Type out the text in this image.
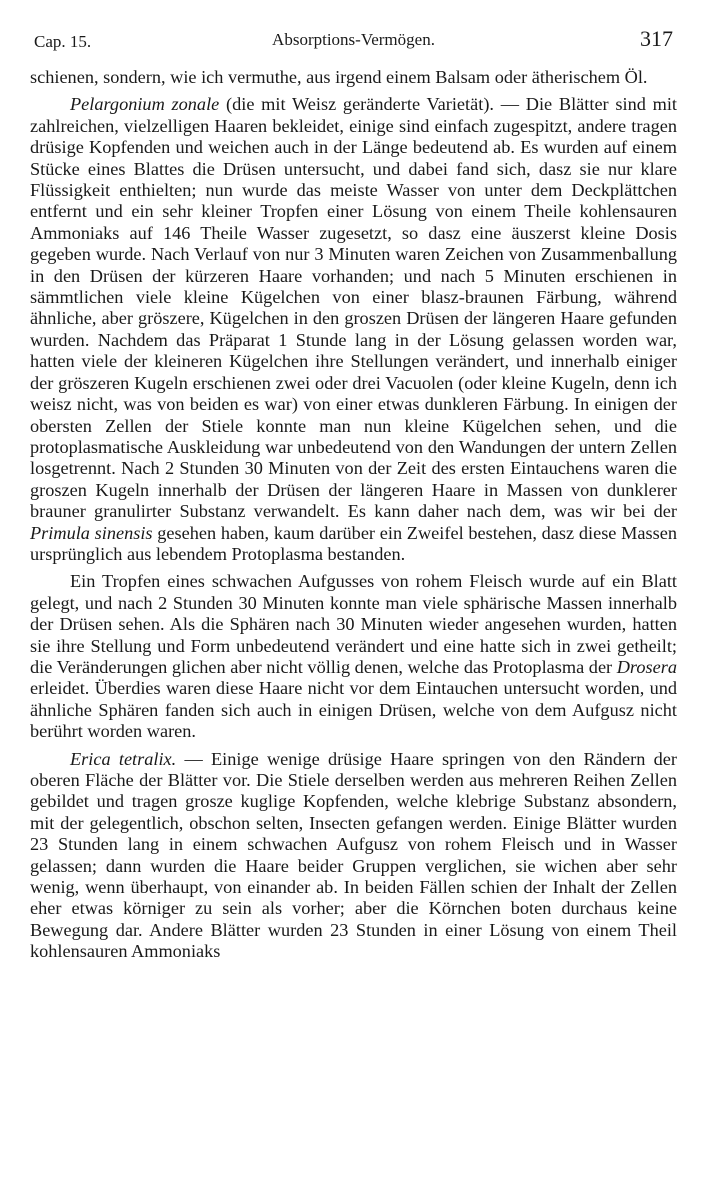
Cap. 15.	Absorptions-Vermögen.	317

schienen, sondern, wie ich vermuthe, aus irgend einem Balsam oder ätherischem Öl.

Pelargonium zonale (die mit Weisz geränderte Varietät). — Die Blätter sind mit zahlreichen, vielzelligen Haaren bekleidet, einige sind einfach zugespitzt, andere tragen drüsige Kopfenden und weichen auch in der Länge bedeutend ab. Es wurden auf einem Stücke eines Blattes die Drüsen untersucht, und dabei fand sich, dasz sie nur klare Flüssigkeit enthielten; nun wurde das meiste Wasser von unter dem Deckplättchen entfernt und ein sehr kleiner Tropfen einer Lösung von einem Theile kohlensauren Ammoniaks auf 146 Theile Wasser zugesetzt, so dasz eine äuszerst kleine Dosis gegeben wurde. Nach Verlauf von nur 3 Minuten waren Zeichen von Zusammenballung in den Drüsen der kürzeren Haare vorhanden; und nach 5 Minuten erschienen in sämmtlichen viele kleine Kügelchen von einer blasz-braunen Färbung, während ähnliche, aber gröszere, Kügelchen in den groszen Drüsen der längeren Haare gefunden wurden. Nachdem das Präparat 1 Stunde lang in der Lösung gelassen worden war, hatten viele der kleineren Kügelchen ihre Stellungen verändert, und innerhalb einiger der gröszeren Kugeln erschienen zwei oder drei Vacuolen (oder kleine Kugeln, denn ich weisz nicht, was von beiden es war) von einer etwas dunkleren Färbung. In einigen der obersten Zellen der Stiele konnte man nun kleine Kügelchen sehen, und die protoplasmatische Auskleidung war unbedeutend von den Wandungen der untern Zellen losgetrennt. Nach 2 Stunden 30 Minuten von der Zeit des ersten Eintauchens waren die groszen Kugeln innerhalb der Drüsen der längeren Haare in Massen von dunklerer brauner granulirter Substanz verwandelt. Es kann daher nach dem, was wir bei der Primula sinensis gesehen haben, kaum darüber ein Zweifel bestehen, dasz diese Massen ursprünglich aus lebendem Protoplasma bestanden.

Ein Tropfen eines schwachen Aufgusses von rohem Fleisch wurde auf ein Blatt gelegt, und nach 2 Stunden 30 Minuten konnte man viele sphärische Massen innerhalb der Drüsen sehen. Als die Sphären nach 30 Minuten wieder angesehen wurden, hatten sie ihre Stellung und Form unbedeutend verändert und eine hatte sich in zwei getheilt; die Veränderungen glichen aber nicht völlig denen, welche das Protoplasma der Drosera erleidet. Überdies waren diese Haare nicht vor dem Eintauchen untersucht worden, und ähnliche Sphären fanden sich auch in einigen Drüsen, welche von dem Aufgusz nicht berührt worden waren.

Erica tetralix. — Einige wenige drüsige Haare springen von den Rändern der oberen Fläche der Blätter vor. Die Stiele derselben werden aus mehreren Reihen Zellen gebildet und tragen grosze kuglige Kopfenden, welche klebrige Substanz absondern, mit der gelegentlich, obschon selten, Insecten gefangen werden. Einige Blätter wurden 23 Stunden lang in einem schwachen Aufgusz von rohem Fleisch und in Wasser gelassen; dann wurden die Haare beider Gruppen verglichen, sie wichen aber sehr wenig, wenn überhaupt, von einander ab. In beiden Fällen schien der Inhalt der Zellen eher etwas körniger zu sein als vorher; aber die Körnchen boten durchaus keine Bewegung dar. Andere Blätter wurden 23 Stunden in einer Lösung von einem Theil kohlensauren Ammoniaks
